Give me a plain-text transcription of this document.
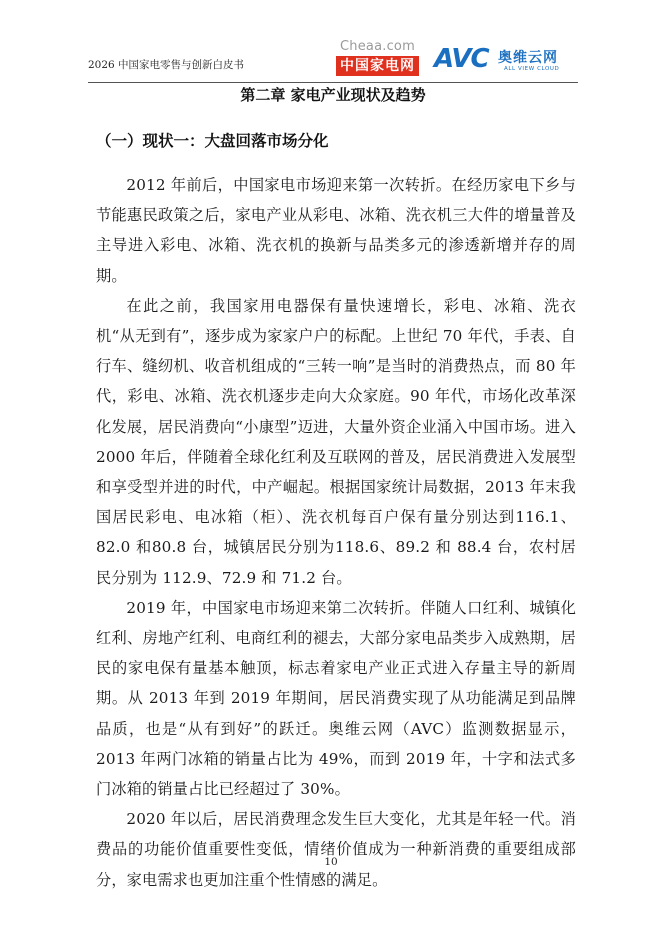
2026 中国家电零售与创新白皮书
Cheaa.com
中国家电网 AVC 奥维云网
ALL VIEW CLOUD
第二章 家电产业现状及趋势
（一）现状一：大盘回落市场分化

2012 年前后，中国家电市场迎来第一次转折。在经历家电下乡与节能惠民政策之后，家电产业从彩电、冰箱、洗衣机三大件的增量普及主导进入彩电、冰箱、洗衣机的换新与品类多元的渗透新增并存的周期。

在此之前，我国家用电器保有量快速增长，彩电、冰箱、洗衣机“从无到有”，逐步成为家家户户的标配。上世纪 70 年代，手表、自行车、缝纫机、收音机组成的“三转一响”是当时的消费热点，而 80 年代，彩电、冰箱、洗衣机逐步走向大众家庭。90 年代，市场化改革深化发展，居民消费向“小康型”迈进，大量外资企业涌入中国市场。进入 2000 年后，伴随着全球化红利及互联网的普及，居民消费进入发展型和享受型并进的时代，中产崛起。根据国家统计局数据，2013 年末我国居民彩电、电冰箱（柜）、洗衣机每百户保有量分别达到116.1、82.0 和80.8 台，城镇居民分别为118.6、89.2 和 88.4 台，农村居民分别为 112.9、72.9 和 71.2 台。

2019 年，中国家电市场迎来第二次转折。伴随人口红利、城镇化红利、房地产红利、电商红利的褪去，大部分家电品类步入成熟期，居民的家电保有量基本触顶，标志着家电产业正式进入存量主导的新周期。从 2013 年到 2019 年期间，居民消费实现了从功能满足到品牌品质，也是“从有到好”的跃迁。奥维云网（AVC）监测数据显示，2013 年两门冰箱的销量占比为 49%，而到 2019 年，十字和法式多门冰箱的销量占比已经超过了 30%。

2020 年以后，居民消费理念发生巨大变化，尤其是年轻一代。消费品的功能价值重要性变低，情绪价值成为一种新消费的重要组成部分，家电需求也更加注重个性情感的满足。

10
